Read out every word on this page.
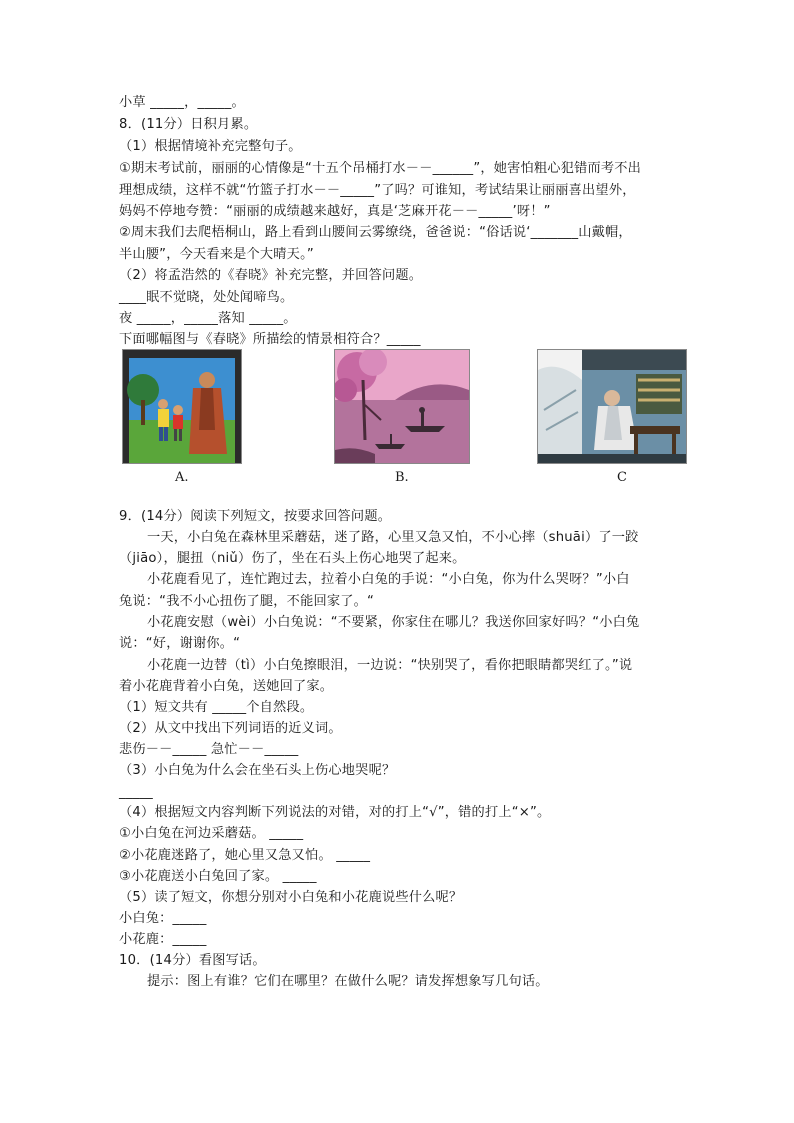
小草 _____，_____。
8．(11分）日积月累。
（1）根据情境补充完整句子。
①期末考试前，丽丽的心情像是“十五个吊桶打水－－______”，她害怕粗心犯错而考不出
理想成绩，这样不就“竹篮子打水－－_____”了吗？可谁知，考试结果让丽丽喜出望外，
妈妈不停地夸赞：“丽丽的成绩越来越好，真是‘芝麻开花－－_____’呀！”
②周末我们去爬梧桐山，路上看到山腰间云雾缭绕，爸爸说：“俗话说‘_______山戴帽，
半山腰”，今天看来是个大晴天。”
（2）将孟浩然的《春晓》补充完整，并回答问题。
____眠不觉晓，处处闻啼鸟。
夜 _____，_____落知 _____。
下面哪幅图与《春晓》所描绘的情景相符合？_____
A.	B.	C
9．(14分）阅读下列短文，按要求回答问题。
一天，小白兔在森林里采蘑菇，迷了路，心里又急又怕，不小心摔（shuāi）了一跤
（jiāo），腿扭（niǔ）伤了，坐在石头上伤心地哭了起来。
小花鹿看见了，连忙跑过去，拉着小白兔的手说：“小白兔，你为什么哭呀？”小白
兔说：“我不小心扭伤了腿，不能回家了。“
小花鹿安慰（wèi）小白兔说：“不要紧，你家住在哪儿？我送你回家好吗？“小白兔
说：“好，谢谢你。“
小花鹿一边替（tì）小白兔擦眼泪，一边说：“快别哭了，看你把眼睛都哭红了。”说
着小花鹿背着小白兔，送她回了家。
（1）短文共有 _____个自然段。
（2）从文中找出下列词语的近义词。
悲伤－－_____ 急忙－－_____
（3）小白兔为什么会在坐石头上伤心地哭呢？
_____
（4）根据短文内容判断下列说法的对错，对的打上“√”，错的打上“×”。
①小白兔在河边采蘑菇。 _____
②小花鹿迷路了，她心里又急又怕。 _____
③小花鹿送小白兔回了家。 _____
（5）读了短文，你想分别对小白兔和小花鹿说些什么呢？
小白兔：_____
小花鹿：_____
10．(14分）看图写话。
提示：图上有谁？它们在哪里？在做什么呢？请发挥想象写几句话。
